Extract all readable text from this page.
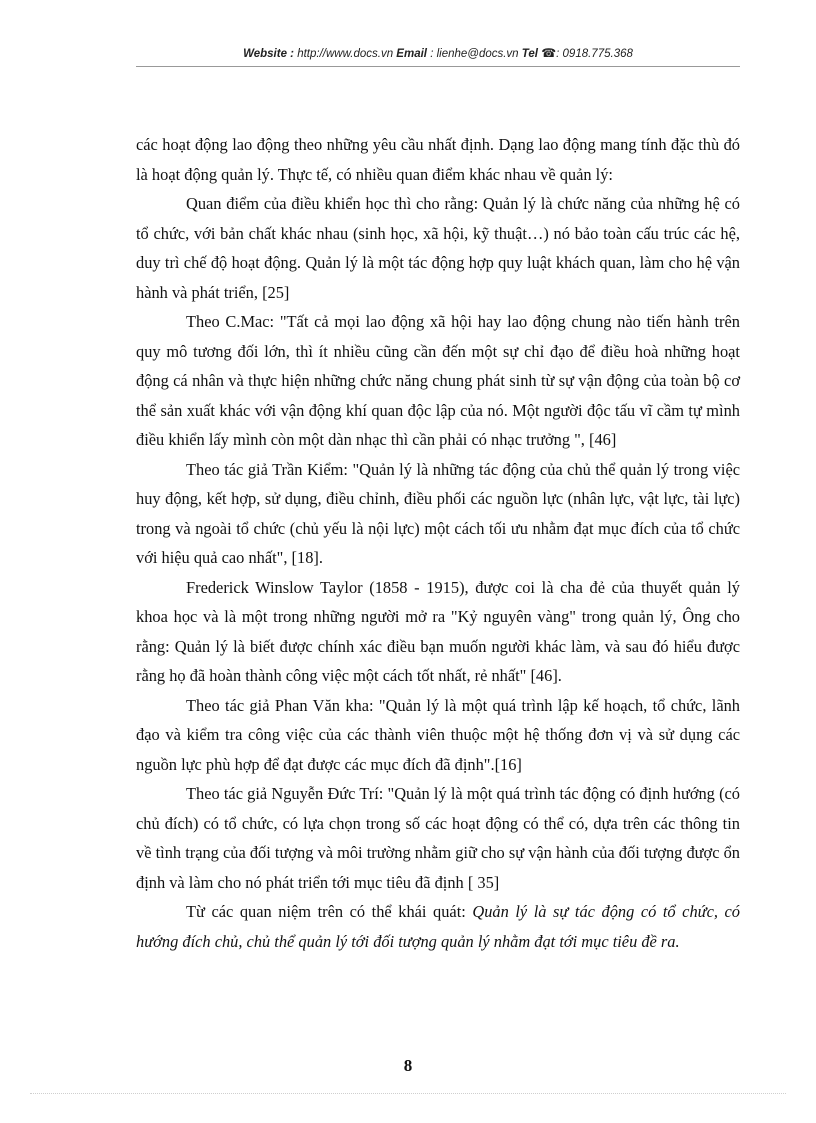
Website : http://www.docs.vn Email : lienhe@docs.vn Tel ☎: 0918.775.368

các hoạt động lao động theo những yêu cầu nhất định. Dạng lao động mang tính đặc thù đó là hoạt động quản lý. Thực tế, có nhiều quan điểm khác nhau về quản lý:

Quan điểm của điều khiển học thì cho rằng: Quản lý là chức năng của những hệ có tổ chức, với bản chất khác nhau (sinh học, xã hội, kỹ thuật…) nó bảo toàn cấu trúc các hệ, duy trì chế độ hoạt động. Quản lý là một tác động hợp quy luật khách quan, làm cho hệ vận hành và phát triển, [25]

Theo C.Mac: "Tất cả mọi lao động xã hội hay lao động chung nào tiến hành trên quy mô tương đối lớn, thì ít nhiều cũng cần đến một sự chỉ đạo để điều hoà những hoạt động cá nhân và thực hiện những chức năng chung phát sinh từ sự vận động của toàn bộ cơ thể sản xuất khác với vận động khí quan độc lập của nó. Một người độc tấu vĩ cầm tự mình điều khiển lấy mình còn một dàn nhạc thì cần phải có nhạc trưởng ", [46]

Theo tác giả Trần Kiểm: "Quản lý là những tác động của chủ thể quản lý trong việc huy động, kết hợp, sử dụng, điều chỉnh, điều phối các nguồn lực (nhân lực, vật lực, tài lực) trong và ngoài tổ chức (chủ yếu là nội lực) một cách tối ưu nhằm đạt mục đích của tổ chức với hiệu quả cao nhất", [18].

Frederick Winslow Taylor (1858 - 1915), được coi là cha đẻ của thuyết quản lý khoa học và là một trong những người mở ra "Kỷ nguyên vàng" trong quản lý, Ông cho rằng: Quản lý là biết được chính xác điều bạn muốn người khác làm, và sau đó hiểu được rằng họ đã hoàn thành công việc một cách tốt nhất, rẻ nhất" [46].

Theo tác giả Phan Văn kha: "Quản lý là một quá trình lập kế hoạch, tổ chức, lãnh đạo và kiểm tra công việc của các thành viên thuộc một hệ thống đơn vị và sử dụng các nguồn lực phù hợp để đạt được các mục đích đã định".[16]

Theo tác giả Nguyễn Đức Trí: "Quản lý là một quá trình tác động có định hướng (có chủ đích) có tổ chức, có lựa chọn trong số các hoạt động có thể có, dựa trên các thông tin về tình trạng của đối tượng và môi trường nhằm giữ cho sự vận hành của đối tượng được ổn định và làm cho nó phát triển tới mục tiêu đã định [ 35]

Từ các quan niệm trên có thể khái quát: Quản lý là sự tác động có tổ chức, có hướng đích chủ, chủ thể quản lý tới đối tượng quản lý nhằm đạt tới mục tiêu đề ra.

8
